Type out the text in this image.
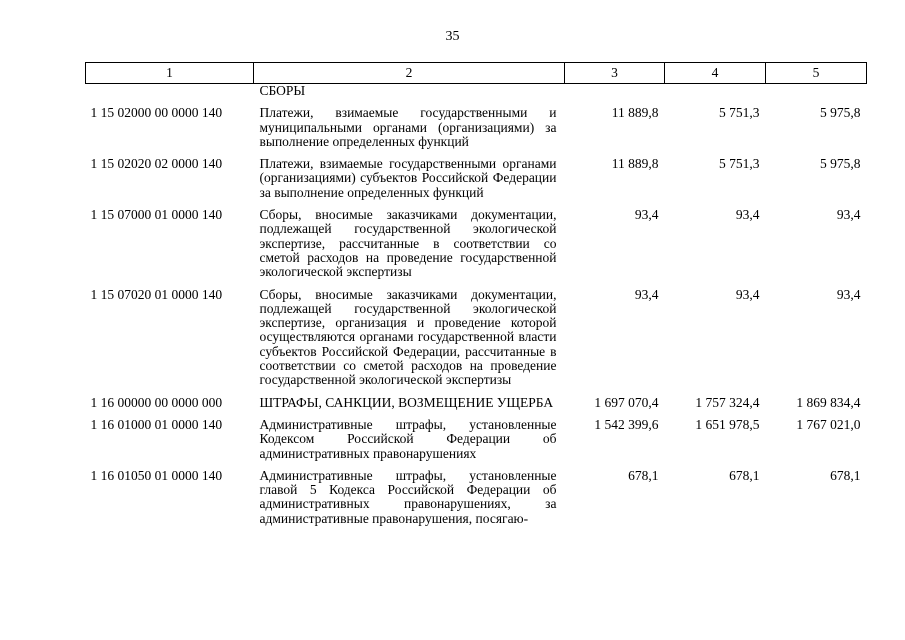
35
1	2	3	4	5
	СБОРЫ			

1 15 02000 00 0000 140	Платежи, взимаемые государственными и муниципальными органами (организациями) за выполнение определенных функций	11 889,8	5 751,3	5 975,8

1 15 02020 02 0000 140	Платежи, взимаемые государственными органами (организациями) субъектов Российской Федерации за выполнение определенных функций	11 889,8	5 751,3	5 975,8

1 15 07000 01 0000 140	Сборы, вносимые заказчиками документации, подлежащей государственной экологической экспертизе, рассчитанные в соответствии со сметой расходов на проведение государственной экологической экспертизы	93,4	93,4	93,4

1 15 07020 01 0000 140	Сборы, вносимые заказчиками документации, подлежащей государственной экологической экспертизе, организация и проведение которой осуществляются органами государственной власти субъектов Российской Федерации, рассчитанные в соответствии со сметой расходов на проведение государственной экологической экспертизы	93,4	93,4	93,4

1 16 00000 00 0000 000	ШТРАФЫ, САНКЦИИ, ВОЗМЕЩЕНИЕ УЩЕРБА	1 697 070,4	1 757 324,4	1 869 834,4

1 16 01000 01 0000 140	Административные штрафы, установленные Кодексом Российской Федерации об административных правонарушениях	1 542 399,6	1 651 978,5	1 767 021,0

1 16 01050 01 0000 140	Административные штрафы, установленные главой 5 Кодекса Российской Федерации об административных правонарушениях, за административные правонарушения, посягаю-	678,1	678,1	678,1
